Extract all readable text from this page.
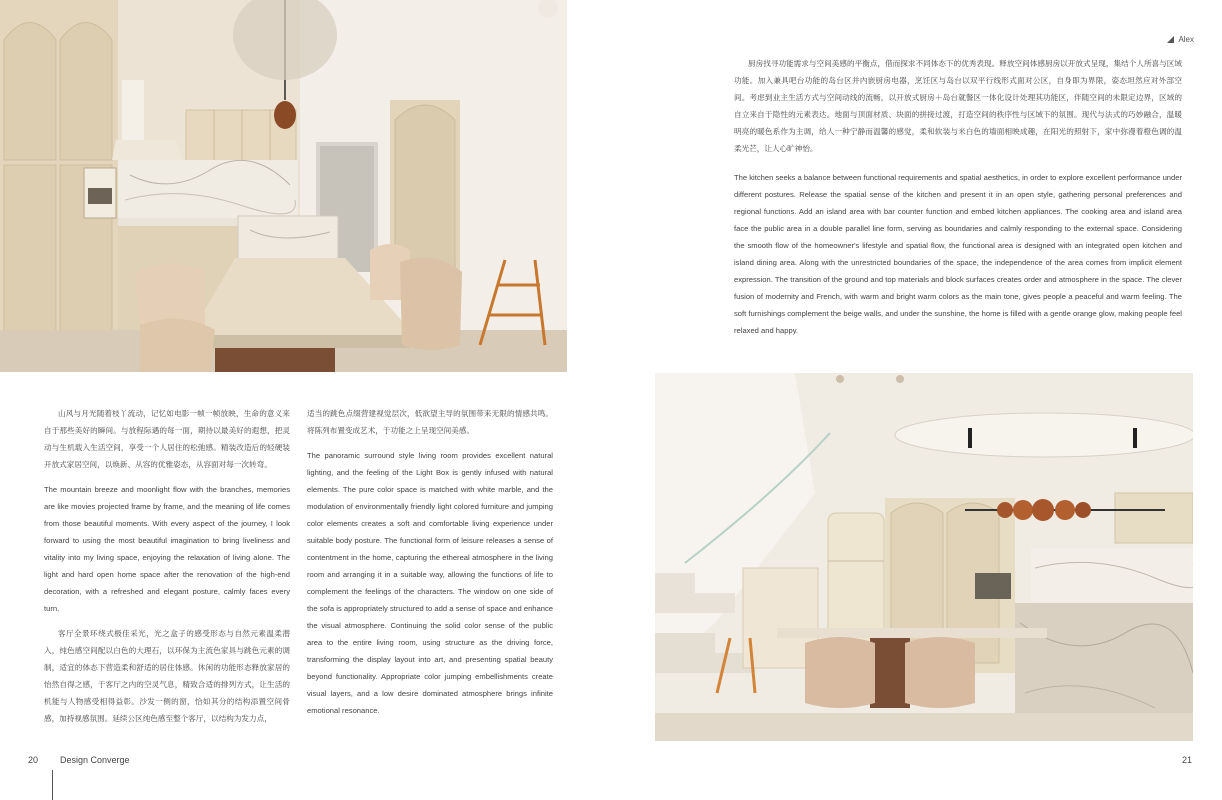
山风与月光随着枝丫流动，记忆如电影一帧一帧放映，生命的意义来自于那些美好的瞬间。与放程际遇的每一面，期待以最美好的遐想，把灵动与生机载入生活空间，享受一个人居住的松弛感。精装改造后的轻硬装开放式家居空间，以焕新、从容的优雅姿态，从容面对每一次转弯。

The mountain breeze and moonlight flow with the branches, memories are like movies projected frame by frame, and the meaning of life comes from those beautiful moments. With every aspect of the journey, I look forward to using the most beautiful imagination to bring liveliness and vitality into my living space, enjoying the relaxation of living alone. The light and hard open home space after the renovation of the high-end decoration, with a refreshed and elegant posture, calmly faces every turn.

客厅全景环绕式极佳采光，光之盒子的感受形态与自然元素温柔潜入，纯色感空间配以白色的大理石，以环保为主流色家具与跳色元素的调制，适宜的体态下营造柔和舒适的居住体感。休闲的功能形态释放家居的怡然自得之感，于客厅之内的空灵气息，精致合适的排列方式，让生活的机能与人物感受相得益彰。沙发一侧的窗，恰如其分的结构添置空间骨感，加持视感氛围。延续公区纯色感至整个客厅，以结构为发力点，

适当的跳色点缀营建视觉层次，低欲望主导的氛围带来无限的情感共鸣。将陈列布置变成艺术，于功能之上呈现空间美感。

The panoramic surround style living room provides excellent natural lighting, and the feeling of the Light Box is gently infused with natural elements. The pure color space is matched with white marble, and the modulation of environmentally friendly light colored furniture and jumping color elements creates a soft and comfortable living experience under suitable body posture. The functional form of leisure releases a sense of contentment in the home, capturing the ethereal atmosphere in the living room and arranging it in a suitable way, allowing the functions of life to complement the feelings of the characters. The window on one side of the sofa is appropriately structured to add a sense of space and enhance the visual atmosphere. Continuing the solid color sense of the public area to the entire living room, using structure as the driving force, transforming the display layout into art, and presenting spatial beauty beyond functionality. Appropriate color jumping embellishments create visual layers, and a low desire dominated atmosphere brings infinite emotional resonance.

20 Design Converge
Alex

厨房找寻功能需求与空间美感的平衡点，借而探求不同体态下的优秀表现。释放空间体感厨房以开放式呈现，集结个人所喜与区域功能。加入兼具吧台功能的岛台区并内嵌厨房电器，烹饪区与岛台以双平行线形式面对公区，自身即为界限，姿态坦然应对外部空间。考虑到业主生活方式与空间动线的流畅，以开放式厨房＋岛台就餐区一体化设计处理其功能区，伴随空间的未限定边界，区域的自立来自于隐性的元素表达。地面与顶面材质、块面的拼接过渡，打造空间的秩序性与区域下的氛围。现代与法式的巧妙融合，温暖明亮的暖色系作为主调，给人一种宁静而温馨的感觉，柔和软装与米白色的墙面相映成趣，在阳光的照射下，家中弥漫着橙色调的温柔光芒，让人心旷神怡。

The kitchen seeks a balance between functional requirements and spatial aesthetics, in order to explore excellent performance under different postures. Release the spatial sense of the kitchen and present it in an open style, gathering personal preferences and regional functions. Add an island area with bar counter function and embed kitchen appliances. The cooking area and island area face the public area in a double parallel line form, serving as boundaries and calmly responding to the external space. Considering the smooth flow of the homeowner's lifestyle and spatial flow, the functional area is designed with an integrated open kitchen and island dining area. Along with the unrestricted boundaries of the space, the independence of the area comes from implicit element expression. The transition of the ground and top materials and block surfaces creates order and atmosphere in the space. The clever fusion of modernity and French, with warm and bright warm colors as the main tone, gives people a peaceful and warm feeling. The soft furnishings complement the beige walls, and under the sunshine, the home is filled with a gentle orange glow, making people feel relaxed and happy.

21
